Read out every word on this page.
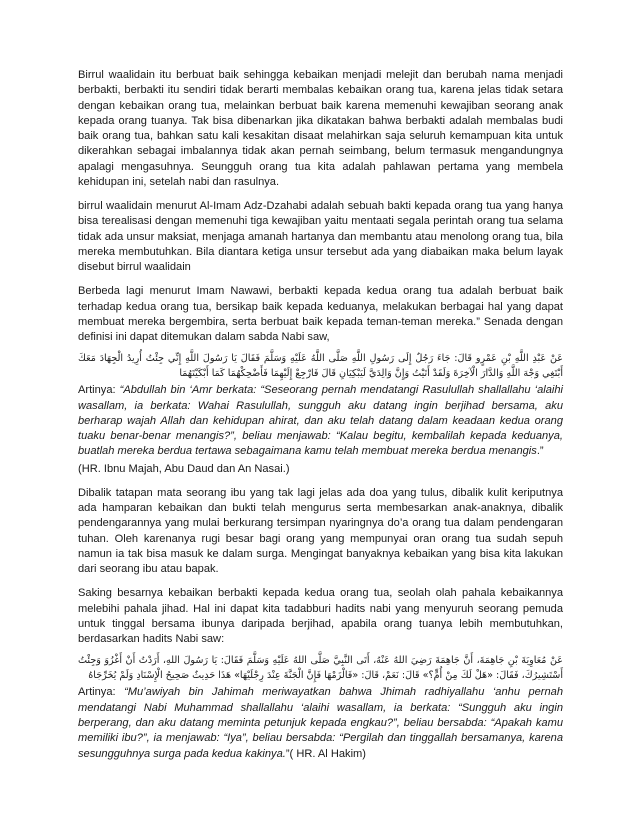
Birrul waalidain itu berbuat baik sehingga kebaikan menjadi melejit dan berubah nama menjadi berbakti, berbakti itu sendiri tidak berarti membalas kebaikan orang tua, karena jelas tidak setara dengan kebaikan orang tua, melainkan berbuat baik karena memenuhi kewajiban seorang anak kepada orang tuanya. Tak bisa dibenarkan jika dikatakan bahwa berbakti adalah membalas budi baik orang tua, bahkan satu kali kesakitan disaat melahirkan saja seluruh kemampuan kita untuk dikerahkan sebagai imbalannya tidak akan pernah seimbang, belum termasuk mengandungnya apalagi mengasuhnya. Seungguh orang tua kita adalah pahlawan pertama yang membela kehidupan ini, setelah nabi dan rasulnya.

birrul waalidain menurut Al-Imam Adz-Dzahabi adalah sebuah bakti kepada orang tua yang hanya bisa terealisasi dengan memenuhi tiga kewajiban yaitu mentaati segala perintah orang tua selama tidak ada unsur maksiat, menjaga amanah hartanya dan membantu atau menolong orang tua, bila mereka membutuhkan. Bila diantara ketiga unsur tersebut ada yang diabaikan maka belum layak disebut birrul waalidain

Berbeda lagi menurut Imam Nawawi, berbakti kepada kedua orang tua adalah berbuat baik terhadap kedua orang tua, bersikap baik kepada keduanya, melakukan berbagai hal yang dapat membuat mereka bergembira, serta berbuat baik kepada teman-teman mereka.” Senada dengan definisi ini dapat ditemukan dalam sabda Nabi saw,

عَنْ عَبْدِ اللَّهِ بْنِ عَمْرٍو قَالَ: جَاءَ رَجُلٌ إِلَى رَسُولِ اللَّهِ صَلَّى اللَّهُ عَلَيْهِ وَسَلَّمَ فَقَالَ يَا رَسُولَ اللَّهِ إِنِّي جِئْتُ أُرِيدُ الْجِهَادَ مَعَكَ أَبْتَغِي وَجْهَ اللَّهِ وَالدَّارَ الْآخِرَةَ وَلَقَدْ أَتَيْتُ وَإِنَّ وَالِدَيَّ لَيَبْكِيَانِ قَالَ فَارْجِعْ إِلَيْهِمَا فَأَضْحِكْهُمَا كَمَا أَبْكَيْتَهُمَا

Artinya: “Abdullah bin ‘Amr berkata: “Seseorang pernah mendatangi Rasulullah shallallahu ‘alaihi wasallam, ia berkata: Wahai Rasulullah, sungguh aku datang ingin berjihad bersama, aku berharap wajah Allah dan kehidupan ahirat, dan aku telah datang dalam keadaan kedua orang tuaku benar-benar menangis?”, beliau menjawab: “Kalau begitu, kembalilah kepada keduanya, buatlah mereka berdua tertawa sebagaimana kamu telah membuat mereka berdua menangis.”

(HR. Ibnu Majah, Abu Daud dan An Nasai.)

Dibalik tatapan mata seorang ibu yang tak lagi jelas ada doa yang tulus, dibalik kulit keriputnya ada hamparan kebaikan dan bukti telah mengurus serta membesarkan anak-anaknya, dibalik pendengarannya yang mulai berkurang tersimpan nyaringnya do’a orang tua dalam pendengaran tuhan. Oleh karenanya rugi besar bagi orang yang mempunyai oran orang tua sudah sepuh namun ia tak bisa masuk ke dalam surga. Mengingat banyaknya kebaikan yang bisa kita lakukan dari seorang ibu atau bapak.

Saking besarnya kebaikan berbakti kepada kedua orang tua, seolah olah pahala kebaikannya melebihi pahala jihad. Hal ini dapat kita tadabburi hadits nabi yang menyuruh seorang pemuda untuk tinggal bersama ibunya daripada berjihad, apabila orang tuanya lebih membutuhkan, berdasarkan hadits Nabi saw:

عَنْ مُعَاوِيَةَ بْنِ جَاهِمَةَ، أَنَّ جَاهِمَةَ رَضِيَ اللهُ عَنْهُ، أَتَى النَّبِيَّ صَلَّى اللهُ عَلَيْهِ وَسَلَّمَ فَقَالَ: يَا رَسُولَ اللهِ، أَرَدْتُ أَنْ أَغْزُوَ وَجِئْتُ أَسْتَشِيرُكَ، فَقَالَ: «هَلْ لَكَ مِنْ أُمٍّ؟» قَالَ: نَعَمْ، قَالَ: «فَالْزَمْهَا فَإِنَّ الْجَنَّةَ عِنْدَ رِجْلَيْهَا» هَذَا حَدِيثٌ صَحِيحُ الْإِسْنَادِ وَلَمْ يُخَرِّجَاهُ

Artinya: “Mu’awiyah bin Jahimah meriwayatkan bahwa Jhimah radhiyallahu ‘anhu pernah mendatangi Nabi Muhammad shallallahu ‘alaihi wasallam, ia berkata: “Sungguh aku ingin berperang, dan aku datang meminta petunjuk kepada engkau?”, beliau bersabda: “Apakah kamu memiliki ibu?”, ia menjawab: “Iya”, beliau bersabda: “Pergilah dan tinggallah bersamanya, karena sesungguhnya surga pada kedua kakinya.”( HR. Al Hakim)
